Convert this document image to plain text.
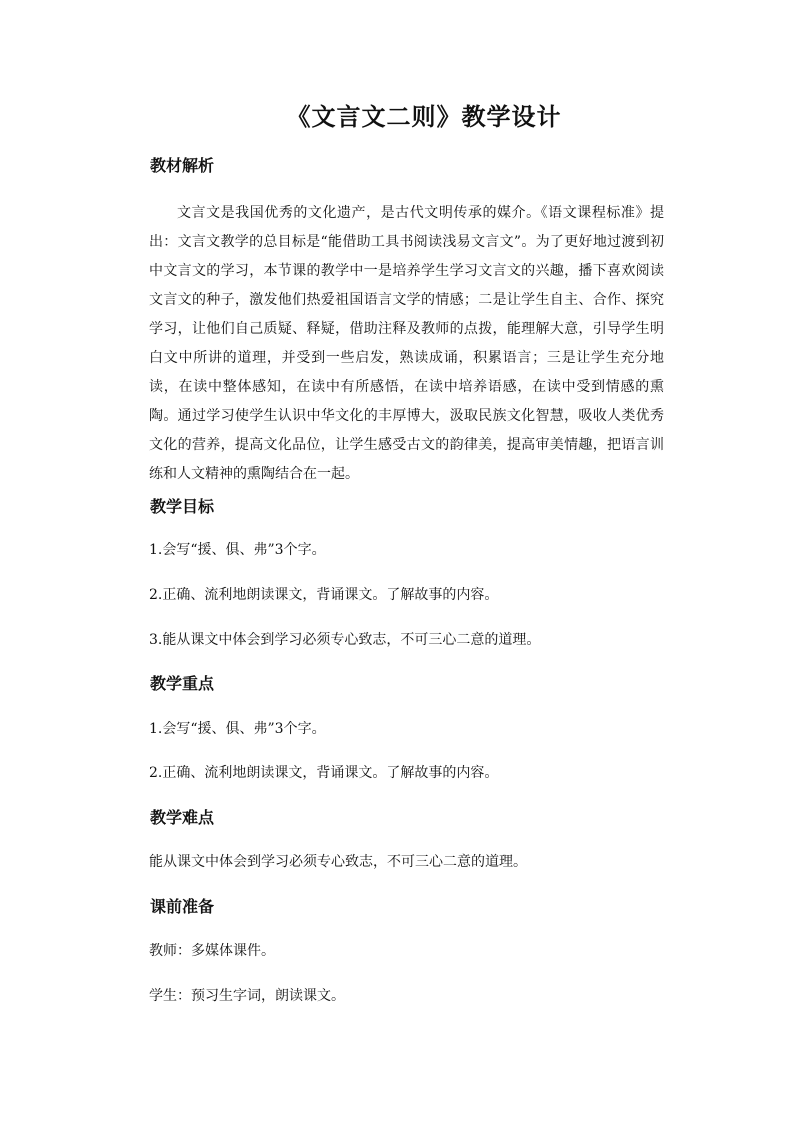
《文言文二则》教学设计
教材解析
文言文是我国优秀的文化遗产，是古代文明传承的媒介。《语文课程标准》提出：文言文教学的总目标是“能借助工具书阅读浅易文言文”。为了更好地过渡到初中文言文的学习，本节课的教学中一是培养学生学习文言文的兴趣，播下喜欢阅读文言文的种子，激发他们热爱祖国语言文学的情感；二是让学生自主、合作、探究学习，让他们自己质疑、释疑，借助注释及教师的点拨，能理解大意，引导学生明白文中所讲的道理，并受到一些启发，熟读成诵，积累语言；三是让学生充分地读，在读中整体感知，在读中有所感悟，在读中培养语感，在读中受到情感的熏陶。通过学习使学生认识中华文化的丰厚博大，汲取民族文化智慧，吸收人类优秀文化的营养，提高文化品位，让学生感受古文的韵律美，提高审美情趣，把语言训练和人文精神的熏陶结合在一起。
教学目标
1.会写“援、俱、弗”3个字。
2.正确、流利地朗读课文，背诵课文。了解故事的内容。
3.能从课文中体会到学习必须专心致志，不可三心二意的道理。
教学重点
1.会写“援、俱、弗”3个字。
2.正确、流利地朗读课文，背诵课文。了解故事的内容。
教学难点
能从课文中体会到学习必须专心致志，不可三心二意的道理。
课前准备
教师：多媒体课件。
学生：预习生字词，朗读课文。
